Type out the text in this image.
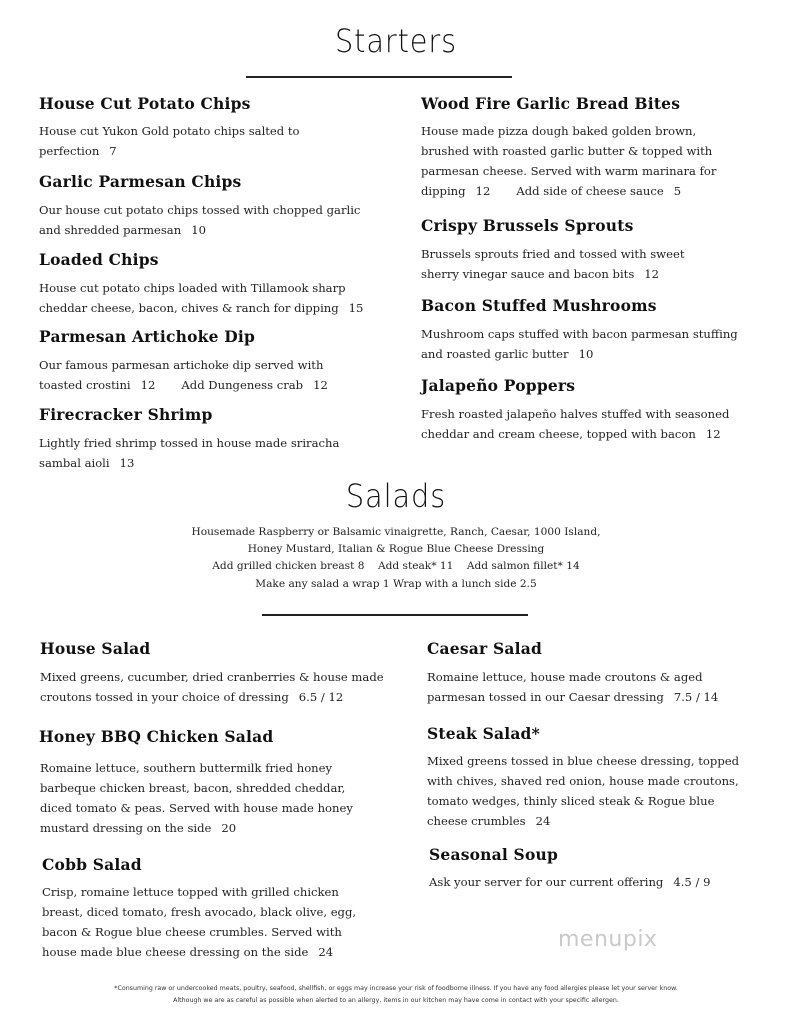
Starters
House Cut Potato Chips
House cut Yukon Gold potato chips salted to perfection 7
Garlic Parmesan Chips
Our house cut potato chips tossed with chopped garlic and shredded parmesan 10
Loaded Chips
House cut potato chips loaded with Tillamook sharp cheddar cheese, bacon, chives & ranch for dipping 15
Parmesan Artichoke Dip
Our famous parmesan artichoke dip served with toasted crostini 12 Add Dungeness crab 12
Firecracker Shrimp
Lightly fried shrimp tossed in house made sriracha sambal aioli 13
Wood Fire Garlic Bread Bites
House made pizza dough baked golden brown, brushed with roasted garlic butter & topped with parmesan cheese. Served with warm marinara for dipping 12 Add side of cheese sauce 5
Crispy Brussels Sprouts
Brussels sprouts fried and tossed with sweet sherry vinegar sauce and bacon bits 12
Bacon Stuffed Mushrooms
Mushroom caps stuffed with bacon parmesan stuffing and roasted garlic butter 10
Jalapeño Poppers
Fresh roasted jalapeño halves stuffed with seasoned cheddar and cream cheese, topped with bacon 12
Salads
Housemade Raspberry or Balsamic vinaigrette, Ranch, Caesar, 1000 Island,
Honey Mustard, Italian & Rogue Blue Cheese Dressing
Add grilled chicken breast 8    Add steak* 11    Add salmon fillet* 14
Make any salad a wrap 1 Wrap with a lunch side 2.5
House Salad
Mixed greens, cucumber, dried cranberries & house made croutons tossed in your choice of dressing 6.5 / 12
Honey BBQ Chicken Salad
Romaine lettuce, southern buttermilk fried honey barbeque chicken breast, bacon, shredded cheddar, diced tomato & peas. Served with house made honey mustard dressing on the side 20
Cobb Salad
Crisp, romaine lettuce topped with grilled chicken breast, diced tomato, fresh avocado, black olive, egg, bacon & Rogue blue cheese crumbles. Served with house made blue cheese dressing on the side 24
Caesar Salad
Romaine lettuce, house made croutons & aged parmesan tossed in our Caesar dressing 7.5 / 14
Steak Salad*
Mixed greens tossed in blue cheese dressing, topped with chives, shaved red onion, house made croutons, tomato wedges, thinly sliced steak & Rogue blue cheese crumbles 24
Seasonal Soup
Ask your server for our current offering 4.5 / 9
menupix
*Consuming raw or undercooked meats, poultry, seafood, shellfish, or eggs may increase your risk of foodborne illness. If you have any food allergies please let your server know.
Although we are as careful as possible when alerted to an allergy, items in our kitchen may have come in contact with your specific allergen.
